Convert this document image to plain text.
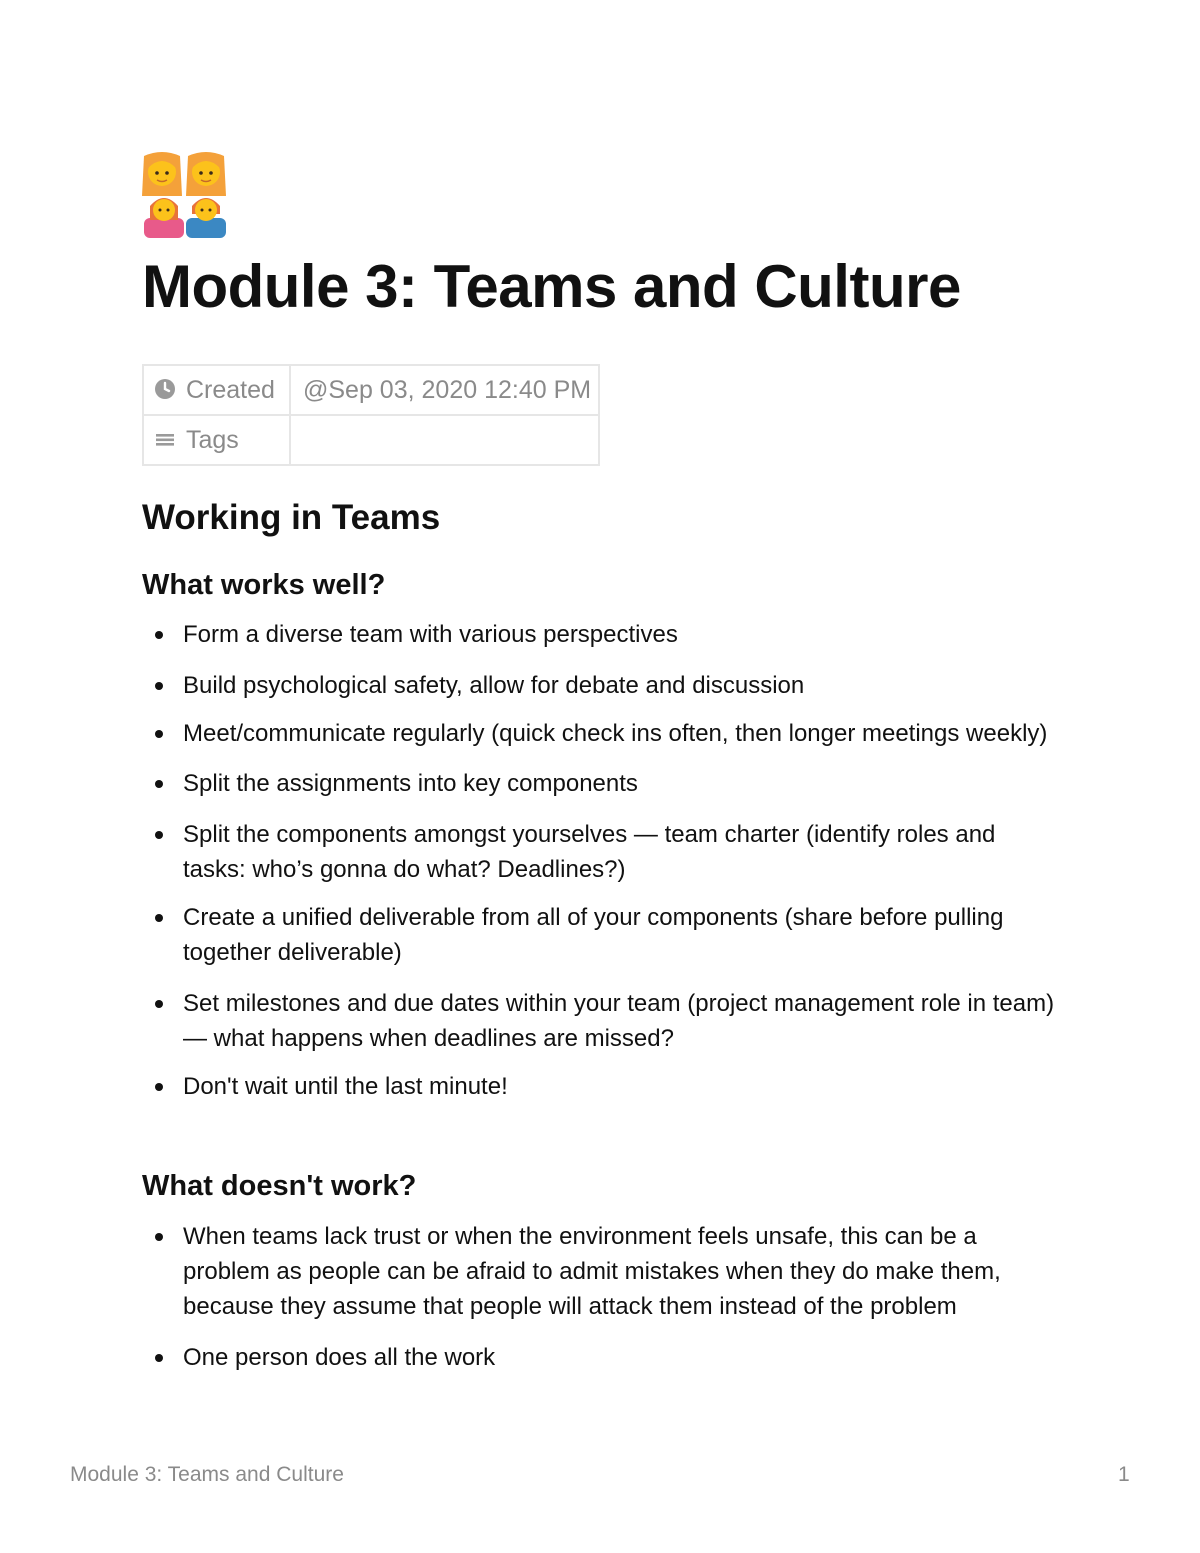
Module 3: Teams and Culture
Created	@Sep 03, 2020 12:40 PM
Tags	
Working in Teams
What works well?
Form a diverse team with various perspectives
Build psychological safety, allow for debate and discussion
Meet/communicate regularly (quick check ins often, then longer meetings weekly)
Split the assignments into key components
Split the components amongst yourselves — team charter (identify roles and tasks: who’s gonna do what? Deadlines?)
Create a unified deliverable from all of your components (share before pulling together deliverable)
Set milestones and due dates within your team (project management role in team) — what happens when deadlines are missed?
Don't wait until the last minute!
What doesn't work?
When teams lack trust or when the environment feels unsafe, this can be a problem as people can be afraid to admit mistakes when they do make them, because they assume that people will attack them instead of the problem
One person does all the work
Module 3: Teams and Culture	1
